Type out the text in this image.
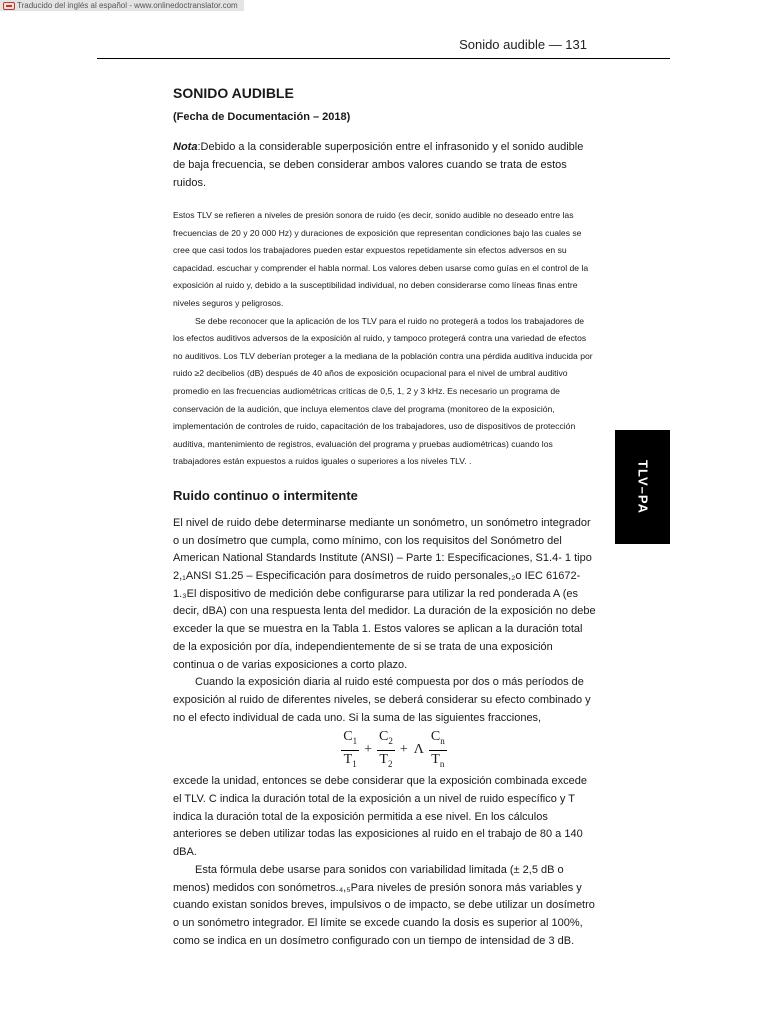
Traducido del inglés al español - www.onlinedoctranslator.com
Sonido audible — 131
TLV–PA
SONIDO AUDIBLE

(Fecha de Documentación – 2018)

Nota:Debido a la considerable superposición entre el infrasonido y el sonido audible de baja frecuencia, se deben considerar ambos valores cuando se trata de estos ruidos.

Estos TLV se refieren a niveles de presión sonora de ruido (es decir, sonido audible no deseado entre las frecuencias de 20 y 20 000 Hz) y duraciones de exposición que representan condiciones bajo las cuales se cree que casi todos los trabajadores pueden estar expuestos repetidamente sin efectos adversos en su capacidad. escuchar y comprender el habla normal. Los valores deben usarse como guías en el control de la exposición al ruido y, debido a la susceptibilidad individual, no deben considerarse como líneas finas entre niveles seguros y peligrosos.

Se debe reconocer que la aplicación de los TLV para el ruido no protegerá a todos los trabajadores de los efectos auditivos adversos de la exposición al ruido, y tampoco protegerá contra una variedad de efectos no auditivos. Los TLV deberían proteger a la mediana de la población contra una pérdida auditiva inducida por ruido ≥2 decibelios (dB) después de 40 años de exposición ocupacional para el nivel de umbral auditivo promedio en las frecuencias audiométricas críticas de 0,5, 1, 2 y 3 kHz. Es necesario un programa de conservación de la audición, que incluya elementos clave del programa (monitoreo de la exposición, implementación de controles de ruido, capacitación de los trabajadores, uso de dispositivos de protección auditiva, mantenimiento de registros, evaluación del programa y pruebas audiométricas) cuando los trabajadores están expuestos a ruidos iguales o superiores a los niveles TLV. .

Ruido continuo o intermitente

El nivel de ruido debe determinarse mediante un sonómetro, un sonómetro integrador o un dosímetro que cumpla, como mínimo, con los requisitos del Sonómetro del American National Standards Institute (ANSI) – Parte 1: Especificaciones, S1.4- 1 tipo 2,₁ANSI S1.25 – Especificación para dosímetros de ruido personales,₂o IEC 61672-1.₃El dispositivo de medición debe configurarse para utilizar la red ponderada A (es decir, dBA) con una respuesta lenta del medidor. La duración de la exposición no debe exceder la que se muestra en la Tabla 1. Estos valores se aplican a la duración total de la exposición por día, independientemente de si se trata de una exposición continua o de varias exposiciones a corto plazo.

Cuando la exposición diaria al ruido esté compuesta por dos o más períodos de exposición al ruido de diferentes niveles, se deberá considerar su efecto combinado y no el efecto individual de cada uno. Si la suma de las siguientes fracciones,

$\frac{C_1}{T_1} + \frac{C_2}{T_2} + \Lambda \frac{C_n}{T_n}$

excede la unidad, entonces se debe considerar que la exposición combinada excede el TLV. C indica la duración total de la exposición a un nivel de ruido específico y T indica la duración total de la exposición permitida a ese nivel. En los cálculos anteriores se deben utilizar todas las exposiciones al ruido en el trabajo de 80 a 140 dBA.

Esta fórmula debe usarse para sonidos con variabilidad limitada (± 2,5 dB o menos) medidos con sonómetros.₄,₅Para niveles de presión sonora más variables y cuando existan sonidos breves, impulsivos o de impacto, se debe utilizar un dosímetro o un sonómetro integrador. El límite se excede cuando la dosis es superior al 100%, como se indica en un dosímetro configurado con un tiempo de intensidad de 3 dB.
